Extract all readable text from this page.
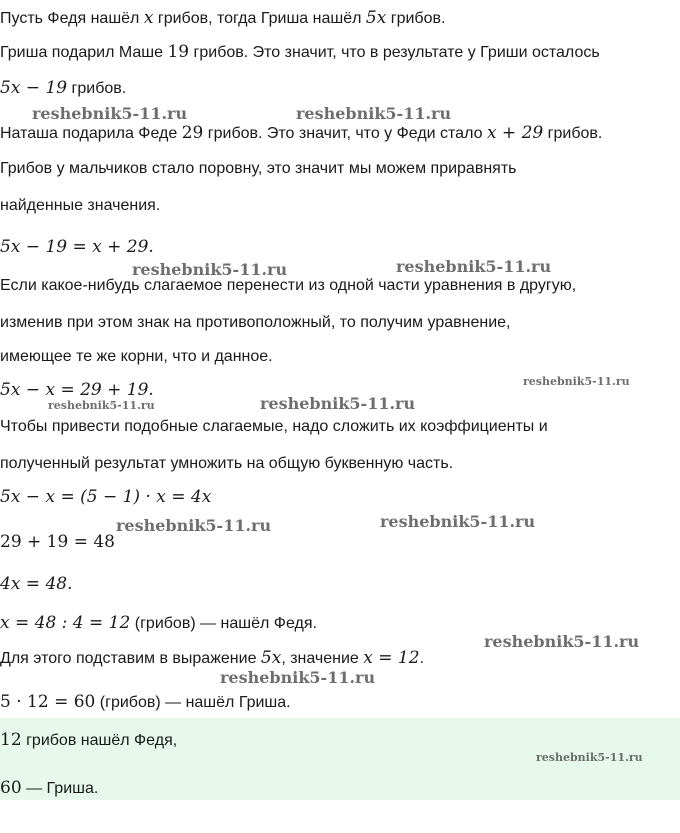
Пусть Федя нашёл x грибов, тогда Гриша нашёл 5x грибов.
Гриша подарил Маше 19 грибов. Это значит, что в результате у Гриши осталось
5x − 19 грибов.
Наташа подарила Феде 29 грибов. Это значит, что у Феди стало x + 29 грибов.
Грибов у мальчиков стало поровну, это значит мы можем приравнять
найденные значения.
5x − 19 = x + 29.
Если какое-нибудь слагаемое перенести из одной части уравнения в другую,
изменив при этом знак на противоположный, то получим уравнение,
имеющее те же корни, что и данное.
5x − x = 29 + 19.
Чтобы привести подобные слагаемые, надо сложить их коэффициенты и
полученный результат умножить на общую буквенную часть.
5x − x = (5 − 1) · x = 4x
29 + 19 = 48
4x = 48.
x = 48 : 4 = 12 (грибов) — нашёл Федя.
Для этого подставим в выражение 5x, значение x = 12.
5 · 12 = 60 (грибов) — нашёл Гриша.
12 грибов нашёл Федя,
60 — Гриша.
reshebnik5-11.ru	reshebnik5-11.ru
reshebnik5-11.ru	reshebnik5-11.ru
reshebnik5-11.ru
reshebnik5-11.ru	reshebnik5-11.ru
reshebnik5-11.ru	reshebnik5-11.ru
reshebnik5-11.ru
reshebnik5-11.ru
reshebnik5-11.ru
